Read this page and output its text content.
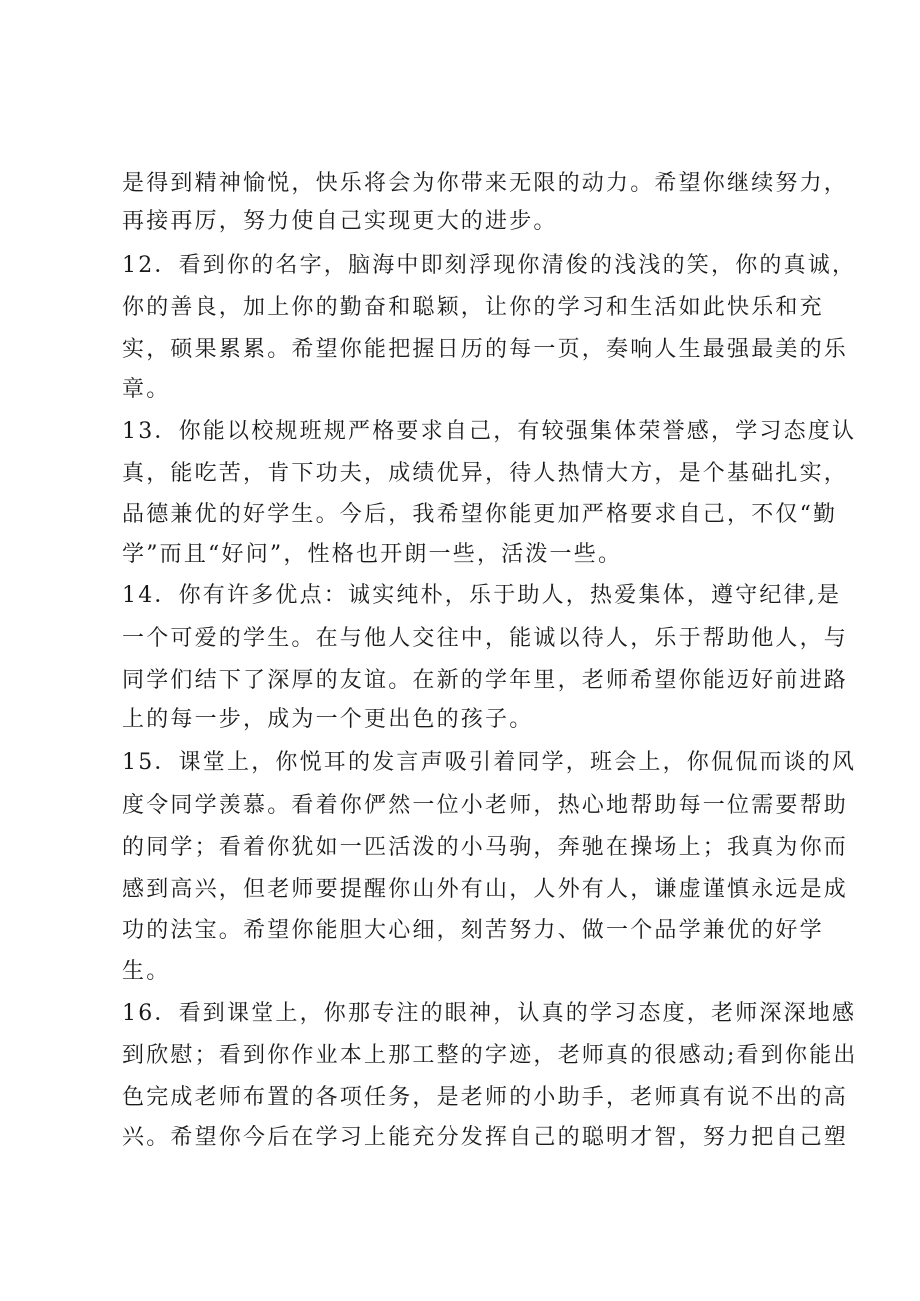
是得到精神愉悦，快乐将会为你带来无限的动力。希望你继续努力，
再接再厉，努力使自己实现更大的进步。
12．看到你的名字，脑海中即刻浮现你清俊的浅浅的笑，你的真诚，
你的善良，加上你的勤奋和聪颖，让你的学习和生活如此快乐和充
实，硕果累累。希望你能把握日历的每一页，奏响人生最强最美的乐
章。
13．你能以校规班规严格要求自己，有较强集体荣誉感，学习态度认
真，能吃苦，肯下功夫，成绩优异，待人热情大方，是个基础扎实，
品德兼优的好学生。今后，我希望你能更加严格要求自己，不仅“勤
学”而且“好问”，性格也开朗一些，活泼一些。
14．你有许多优点：诚实纯朴，乐于助人，热爱集体，遵守纪律,是
一个可爱的学生。在与他人交往中，能诚以待人，乐于帮助他人，与
同学们结下了深厚的友谊。在新的学年里，老师希望你能迈好前进路
上的每一步，成为一个更出色的孩子。
15．课堂上，你悦耳的发言声吸引着同学，班会上，你侃侃而谈的风
度令同学羡慕。看着你俨然一位小老师，热心地帮助每一位需要帮助
的同学；看着你犹如一匹活泼的小马驹，奔驰在操场上；我真为你而
感到高兴，但老师要提醒你山外有山，人外有人，谦虚谨慎永远是成
功的法宝。希望你能胆大心细，刻苦努力、做一个品学兼优的好学
生。
16．看到课堂上，你那专注的眼神，认真的学习态度，老师深深地感
到欣慰；看到你作业本上那工整的字迹，老师真的很感动;看到你能出
色完成老师布置的各项任务，是老师的小助手，老师真有说不出的高
兴。希望你今后在学习上能充分发挥自己的聪明才智，努力把自己塑
